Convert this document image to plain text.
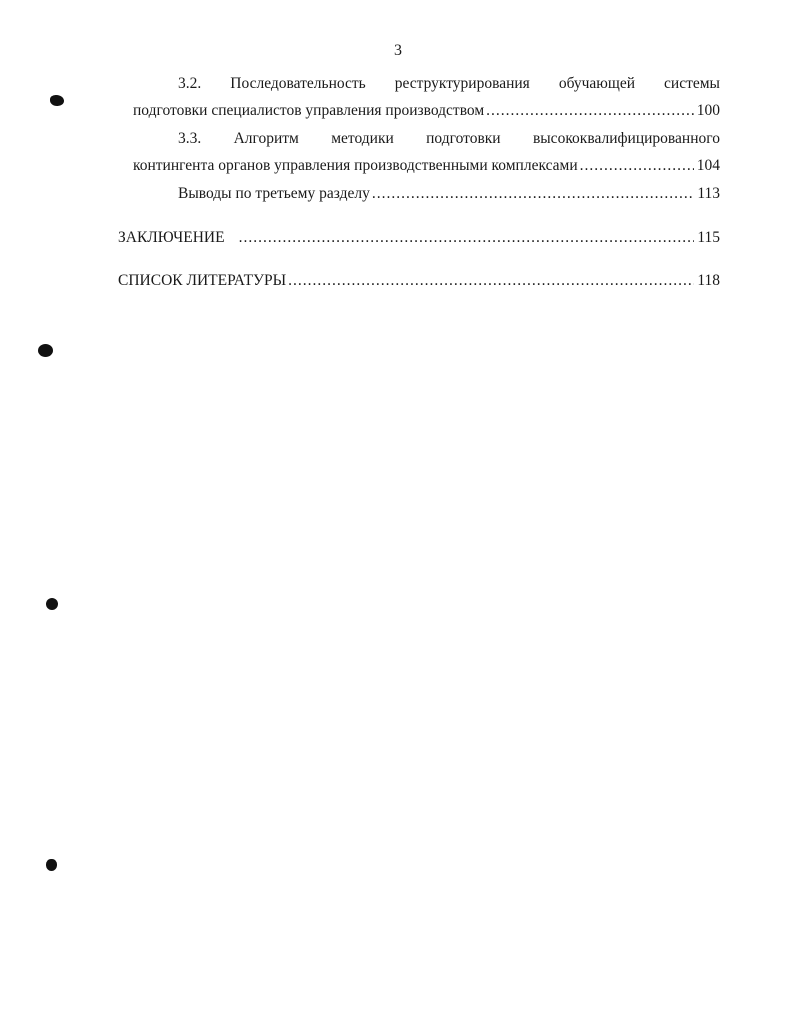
3
3.2. Последовательность реструктурирования обучающей системы
подготовки специалистов управления производством .....	100
3.3. Алгоритм методики подготовки высококвалифицированного
контингента органов управления производственными комплексами .....	104
Выводы по третьему разделу .....	113
ЗАКЛЮЧЕНИЕ .....	115
СПИСОК ЛИТЕРАТУРЫ .....	118
